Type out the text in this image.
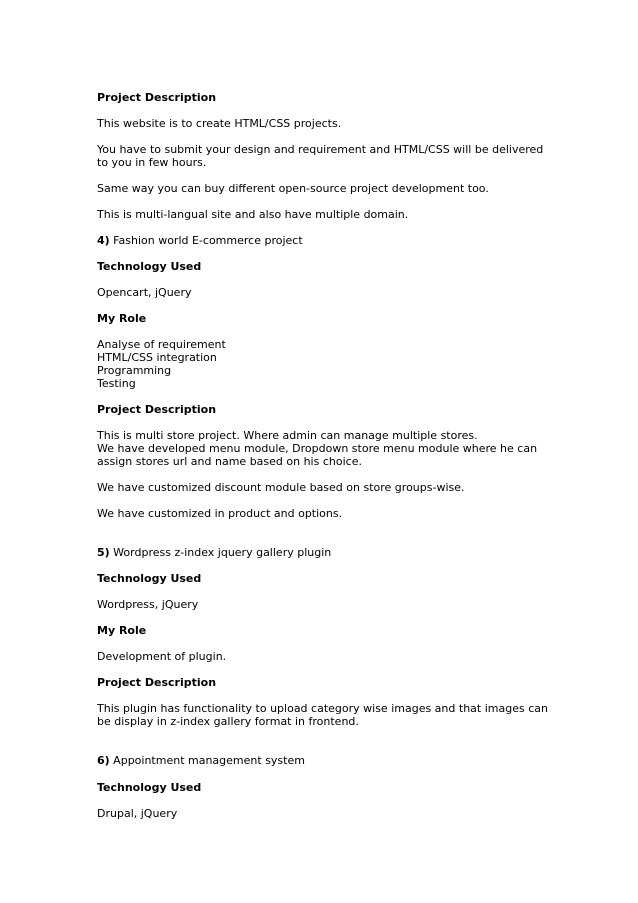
Project Description
This website is to create HTML/CSS projects.
You have to submit your design and requirement and HTML/CSS will be delivered
to you in few hours.
Same way you can buy different open-source project development too.
This is multi-langual site and also have multiple domain.
4) Fashion world E-commerce project
Technology Used
Opencart, jQuery
My Role
Analyse of requirement
HTML/CSS integration
Programming
Testing
Project Description
This is multi store project. Where admin can manage multiple stores.
We have developed menu module, Dropdown store menu module where he can
assign stores url and name based on his choice.
We have customized discount module based on store groups-wise.
We have customized in product and options.
5) Wordpress z-index jquery gallery plugin
Technology Used
Wordpress, jQuery
My Role
Development of plugin.
Project Description
This plugin has functionality to upload category wise images and that images can
be display in z-index gallery format in frontend.
6) Appointment management system
Technology Used
Drupal, jQuery
